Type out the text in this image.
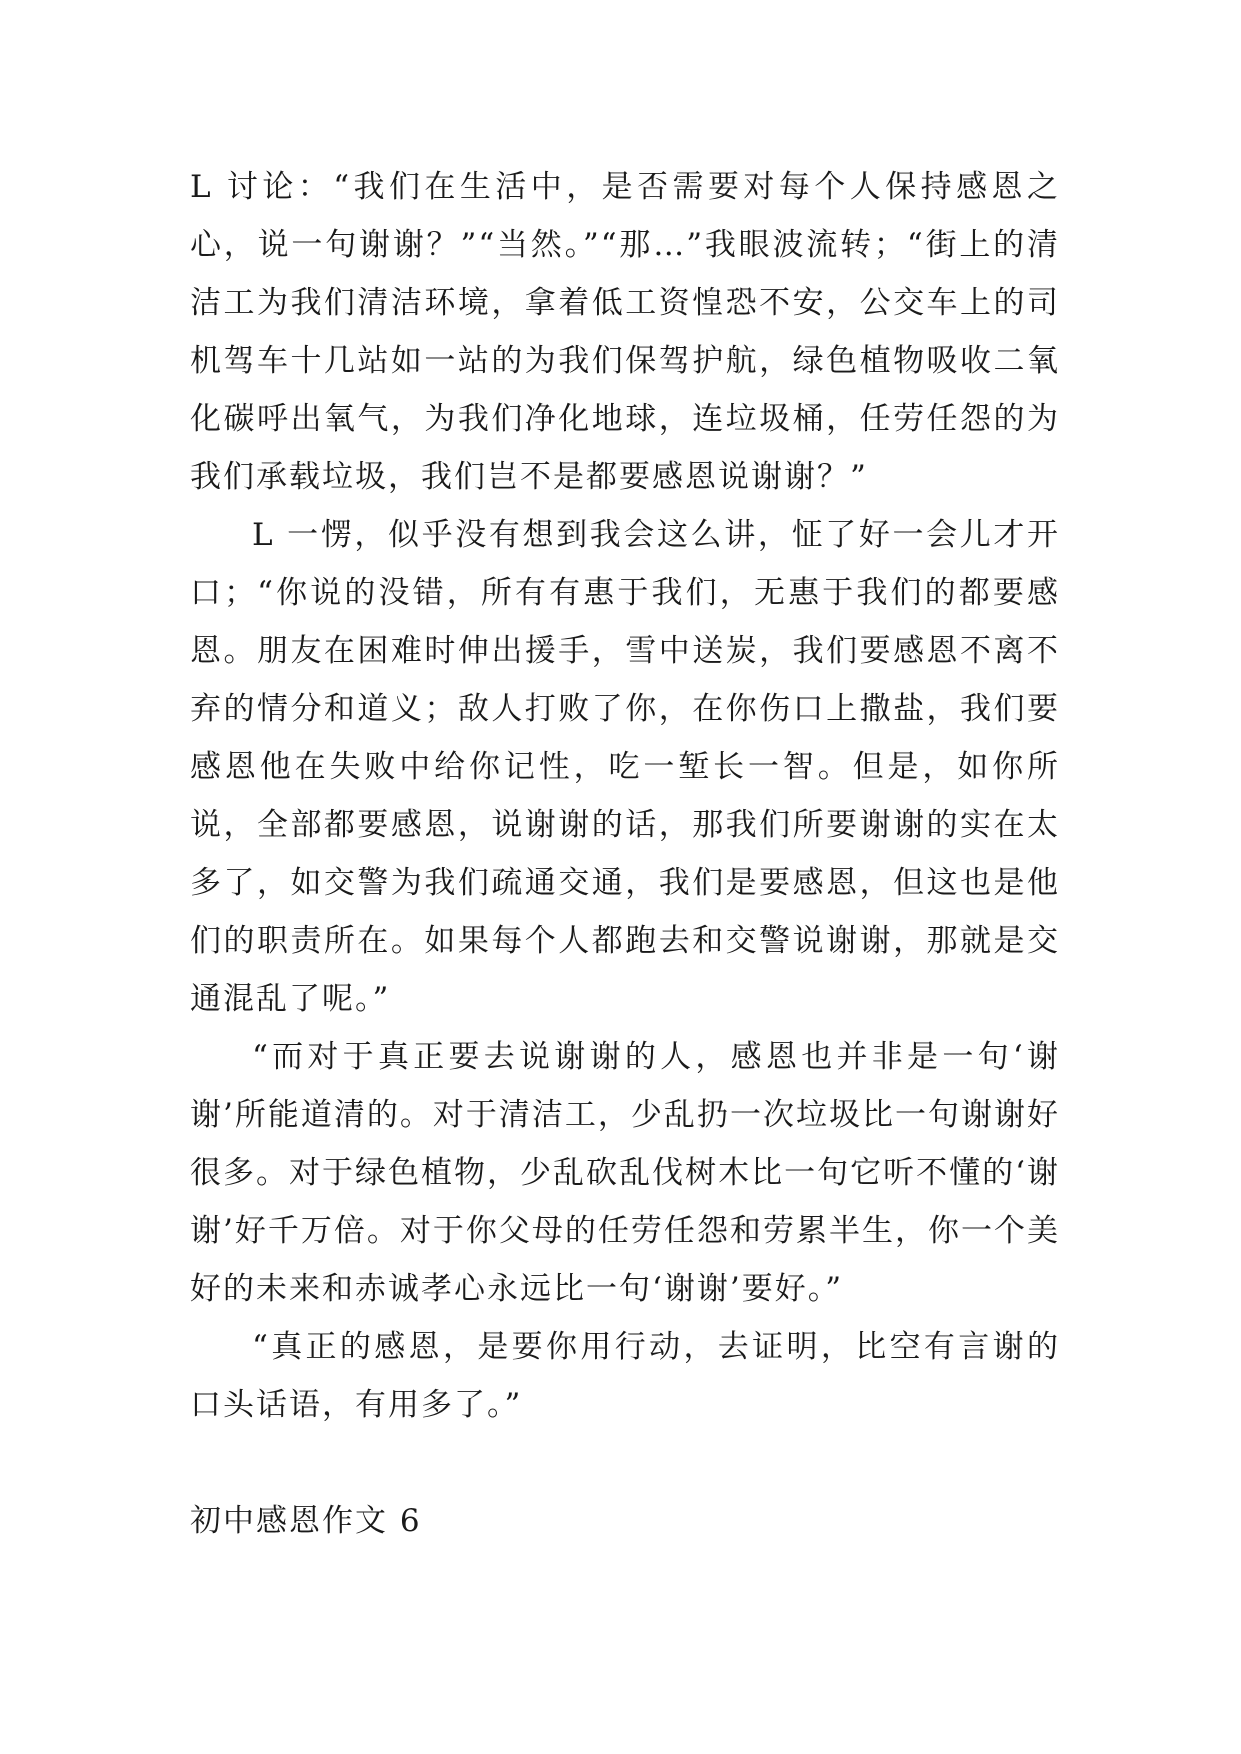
L 讨论：“我们在生活中，是否需要对每个人保持感恩之心，说一句谢谢？”“当然。”“那…”我眼波流转；“街上的清洁工为我们清洁环境，拿着低工资惶恐不安，公交车上的司机驾车十几站如一站的为我们保驾护航，绿色植物吸收二氧化碳呼出氧气，为我们净化地球，连垃圾桶，任劳任怨的为我们承载垃圾，我们岂不是都要感恩说谢谢？”

L 一愣，似乎没有想到我会这么讲，怔了好一会儿才开口；“你说的没错，所有有惠于我们，无惠于我们的都要感恩。朋友在困难时伸出援手，雪中送炭，我们要感恩不离不弃的情分和道义；敌人打败了你，在你伤口上撒盐，我们要感恩他在失败中给你记性，吃一堑长一智。但是，如你所说，全部都要感恩，说谢谢的话，那我们所要谢谢的实在太多了，如交警为我们疏通交通，我们是要感恩，但这也是他们的职责所在。如果每个人都跑去和交警说谢谢，那就是交通混乱了呢。”

“而对于真正要去说谢谢的人，感恩也并非是一句‘谢谢’所能道清的。对于清洁工，少乱扔一次垃圾比一句谢谢好很多。对于绿色植物，少乱砍乱伐树木比一句它听不懂的‘谢谢’好千万倍。对于你父母的任劳任怨和劳累半生，你一个美好的未来和赤诚孝心永远比一句‘谢谢’要好。”

“真正的感恩，是要你用行动，去证明，比空有言谢的口头话语，有用多了。”

初中感恩作文 6
